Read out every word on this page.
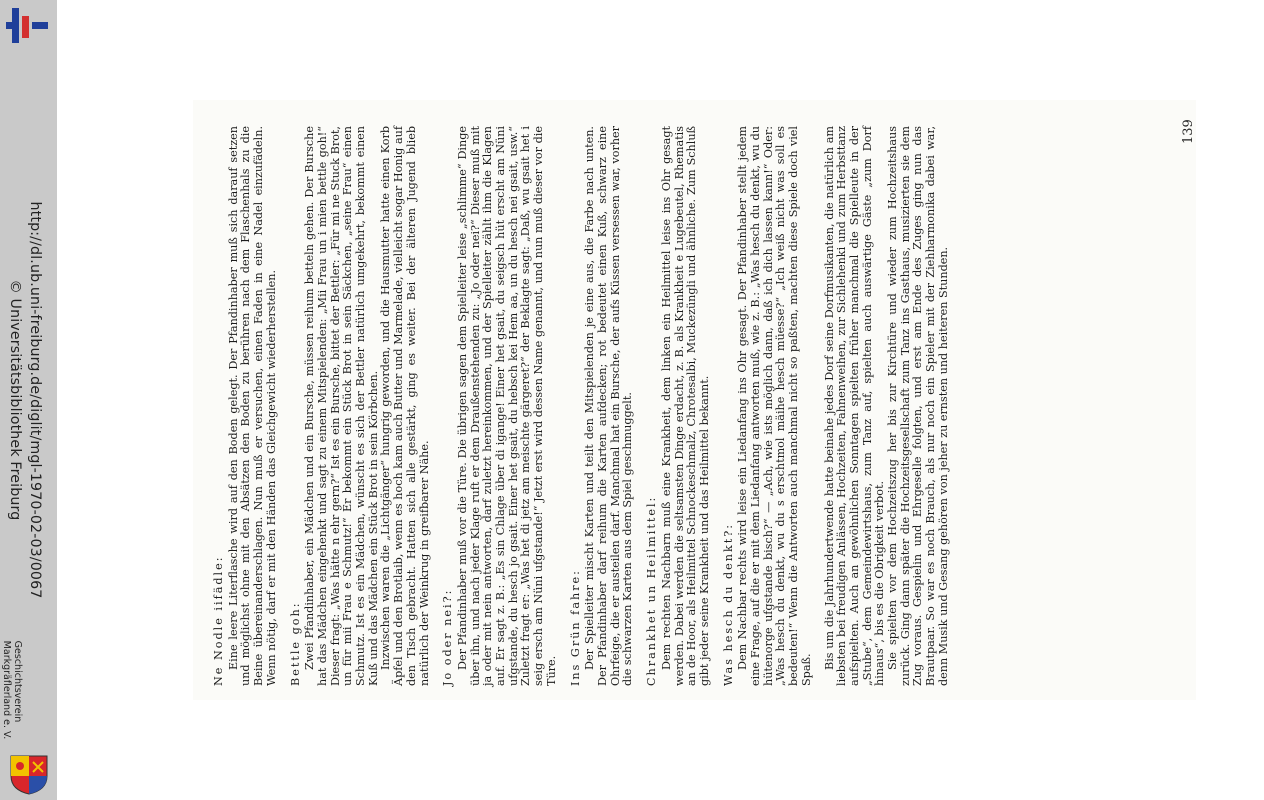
http://dl.ub.uni-freiburg.de/diglit/mgl-1970-02-03/0067
© Universitätsbibliothek Freiburg
Geschichtsverein
Markgräflerland e. V.
Ne Nodle iifädle: Eine leere Literflasche wird auf den Boden gelegt. Der Pfandinhaber muß sich darauf setzen und möglichst ohne mit den Absätzen den Boden zu berühren nach dem Flaschenhals zu die Beine übereinanderschlagen. Nun muß er versuchen, einen Faden in eine Nadel einzufädeln. Wenn nötig, darf er mit den Händen das Gleichgewicht wiederherstellen. Bettle goh: Zwei Pfandinhaber, ein Mädchen und ein Bursche, müssen reihum betteln gehen. Der Bursche hat das Mädchen eingehenkt und sagt zu einem Mitspielenden: „Mii Frau un i mien bettle goh!“ Dieser fragt: „Was hätte n ehr gern?“ Ist es ein Bursche, bittet der Bettler: „Für mi ne Stuck Brot, un für mii Frau e Schmutz!“ Er bekommt ein Stück Brot in sein Säckchen, „seine Frau“ einen Schmutz. Ist es ein Mädchen, wünscht es sich der Bettler natürlich umgekehrt, bekommt einen Kuß und das Mädchen ein Stück Brot in sein Körbchen. Inzwischen waren die „Lichtgänger“ hungrig geworden, und die Hausmutter hatte einen Korb Äpfel und den Brotlaib, wenn es hoch kam auch Butter und Marmelade, vielleicht sogar Honig auf den Tisch gebracht. Hatten sich alle gestärkt, ging es weiter. Bei der älteren Jugend blieb natürlich der Weinkrug in greifbarer Nähe. Jo oder nei?: Der Pfandinhaber muß vor die Türe. Die übrigen sagen dem Spielleiter leise „schlimme“ Dinge über ihn, und nach jeder Klage ruft er dem Draußenstehenden zu: „Jo oder nei?“ Dieser muß mit ja oder mit nein antworten, darf zuletzt hereinkommen, und der Spielleiter zählt ihm die Klagen auf. Er sagt z. B.: „Es sin Chlage über di igange! Einer het gsait, du seigsch hüt erscht am Nüni ufgstande, du hesch jo gsait. Einer het gsait, du hebsch kei Hem aa, un du hesch nei gsait, usw.“ Zuletzt fragt er: „Was het di jetz am meischte gärgeret?“ der Beklagte sagt: „Daß, wu gsait het i seig ersch am Nüni ufgstande!“ Jetzt erst wird dessen Name genannt, und nun muß dieser vor die Türe. Ins Grün fahre: Der Spielleiter mischt Karten und teilt den Mitspielenden je eine aus, die Farbe nach unten. Der Pfandinhaber darf reihum die Karten aufdecken; rot bedeutet einen Kuß, schwarz eine Ohrfeige, die er austeilen darf. Manchmal hat ein Bursche, der aufs Küssen versessen war, vorher die schwarzen Karten aus dem Spiel geschmuggelt. Chrankhet un Heilmittel: Dem rechten Nachbarn muß eine Krankheit, dem linken ein Heilmittel leise ins Ohr gesagt werden. Dabei werden die seltsamsten Dinge erdacht, z. B. als Krankheit e Lugebeutel, Rhematis an de Hoor, als Heilmittel Schnockeschmalz, Chrotesalbi, Muckezüngli und ähnliche. Zum Schluß gibt jeder seine Krankheit und das Heilmittel bekannt. Was hesch du denkt?: Dem Nachbar rechts wird leise ein Liedanfang ins Ohr gesagt. Der Pfandinhaber stellt jedem eine Frage, auf die er mit dem Liedanfang antworten muß, wie z. B.: „Was hesch du denkt, wu du hütenorge ufgstande bisch?“ — „Ach, wie ists möglich dann, daß ich dich lassen kann!“ Oder: „Was hesch du denkt, wu du s erschtmol mäihe hesch müesse?“ „Ich weiß nicht was soll es bedeuten!“ Wenn die Antworten auch manchmal nicht so paßten, machten diese Spiele doch viel Spaß. Bis um die Jahrhundertwende hatte beinahe jedes Dorf seine Dorfmusikanten, die natürlich am liebsten bei freudigen Anlässen, Hochzeiten, Fahnenweihen, zur Sichlehenki und zum Herbsttanz aufspielten. Auch an gewöhnlichen Sonntagen spielten früher manchmal die Spielleute in der „Stube“, dem Gemeindewirtshaus, zum Tanz auf, spielten auch auswärtige Gäste „zum Dorf hinaus“, bis es die Obrigkeit verbot. Sie spielten vor dem Hochzeitszug her bis zur Kirchtüre und wieder zum Hochzeitshaus zurück. Ging dann später die Hochzeitsgesellschaft zum Tanz ins Gasthaus, musizierten sie dem Zug voraus. Gespielin und Ehrgeselle folgten, und erst am Ende des Zuges ging nun das Brautpaar. So war es noch Brauch, als nur noch ein Spieler mit der Ziehharmonika dabei war, denn Musik und Gesang gehören von jeher zu ernsten und heiteren Stunden.

139
